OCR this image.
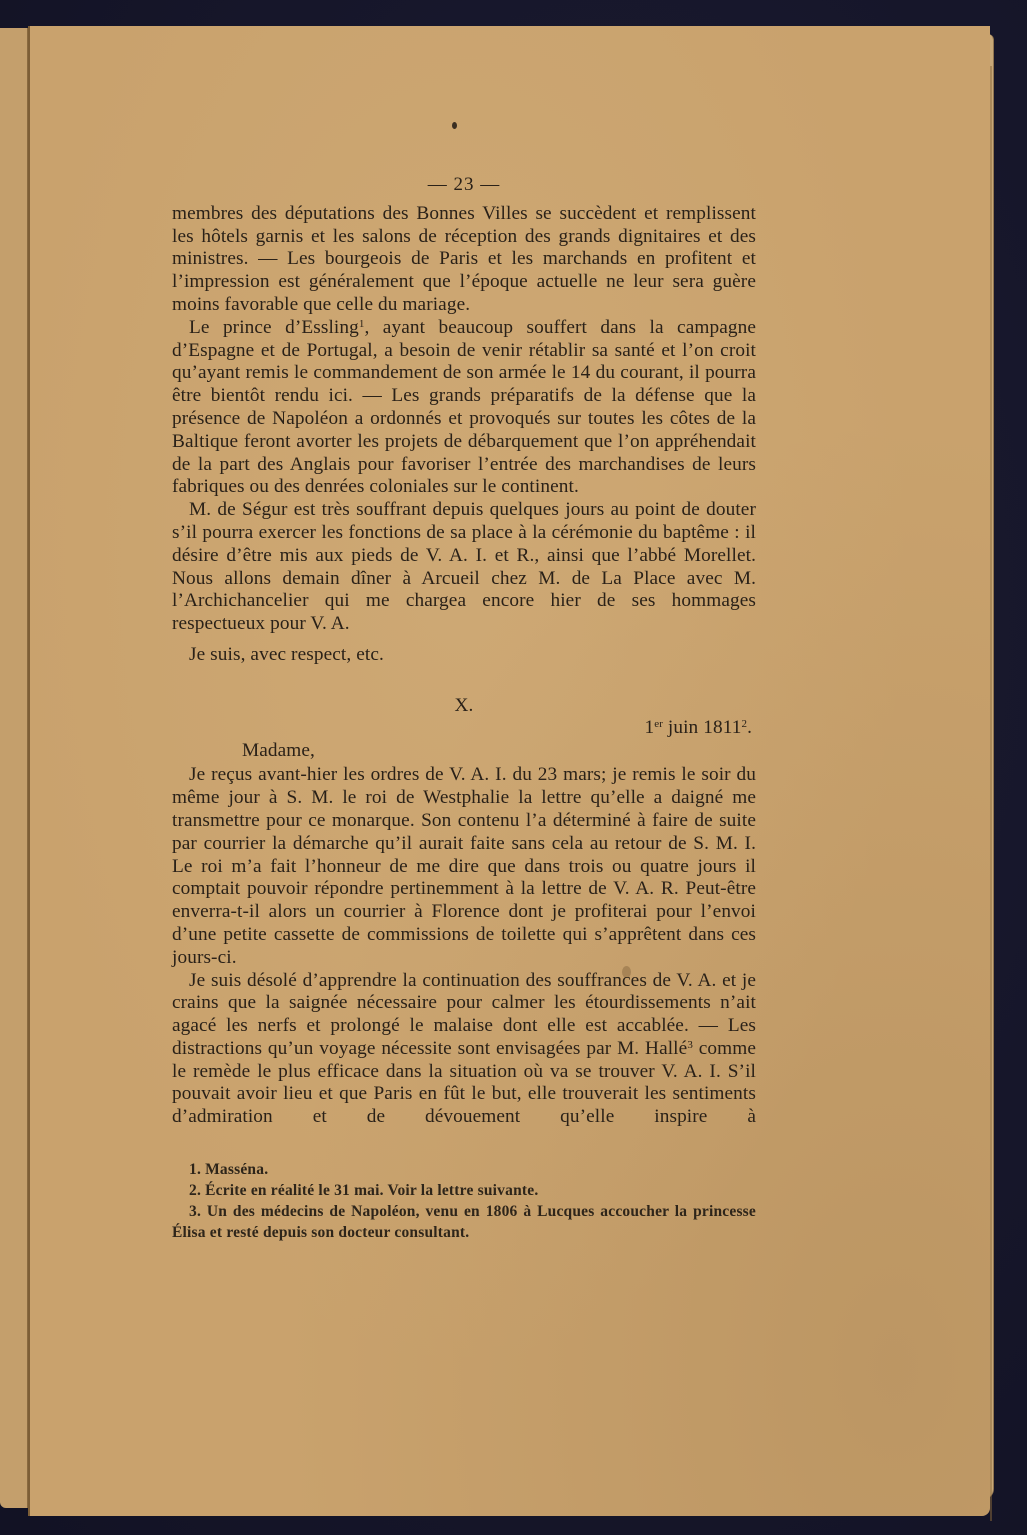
— 23 —

membres des députations des Bonnes Villes se succèdent et remplissent les hôtels garnis et les salons de réception des grands dignitaires et des ministres. — Les bourgeois de Paris et les marchands en profitent et l’impression est généralement que l’époque actuelle ne leur sera guère moins favorable que celle du mariage.

Le prince d’Essling$^1$, ayant beaucoup souffert dans la campagne d’Espagne et de Portugal, a besoin de venir rétablir sa santé et l’on croit qu’ayant remis le commandement de son armée le 14 du courant, il pourra être bientôt rendu ici. — Les grands préparatifs de la défense que la présence de Napoléon a ordonnés et provoqués sur toutes les côtes de la Baltique feront avorter les projets de débarquement que l’on appréhendait de la part des Anglais pour favoriser l’entrée des marchandises de leurs fabriques ou des denrées coloniales sur le continent.

M. de Ségur est très souffrant depuis quelques jours au point de douter s’il pourra exercer les fonctions de sa place à la cérémonie du baptême : il désire d’être mis aux pieds de V. A. I. et R., ainsi que l’abbé Morellet. Nous allons demain dîner à Arcueil chez M. de La Place avec M. l’Archichancelier qui me chargea encore hier de ses hommages respectueux pour V. A.

Je suis, avec respect, etc.

X.
1er juin 1811$^2$.
Madame,

Je reçus avant-hier les ordres de V. A. I. du 23 mars; je remis le soir du même jour à S. M. le roi de Westphalie la lettre qu’elle a daigné me transmettre pour ce monarque. Son contenu l’a déterminé à faire de suite par courrier la démarche qu’il aurait faite sans cela au retour de S. M. I. Le roi m’a fait l’honneur de me dire que dans trois ou quatre jours il comptait pouvoir répondre pertinemment à la lettre de V. A. R. Peut-être enverra-t-il alors un courrier à Florence dont je profiterai pour l’envoi d’une petite cassette de commissions de toilette qui s’apprêtent dans ces jours-ci.

Je suis désolé d’apprendre la continuation des souffrances de V. A. et je crains que la saignée nécessaire pour calmer les étourdissements n’ait agacé les nerfs et prolongé le malaise dont elle est accablée. — Les distractions qu’un voyage nécessite sont envisagées par M. Hallé$^3$ comme le remède le plus efficace dans la situation où va se trouver V. A. I. S’il pouvait avoir lieu et que Paris en fût le but, elle trouverait les sentiments d’admiration et de dévouement qu’elle inspire à

1. Masséna.

2. Écrite en réalité le 31 mai. Voir la lettre suivante.

3. Un des médecins de Napoléon, venu en 1806 à Lucques accoucher la princesse Élisa et resté depuis son docteur consultant.
